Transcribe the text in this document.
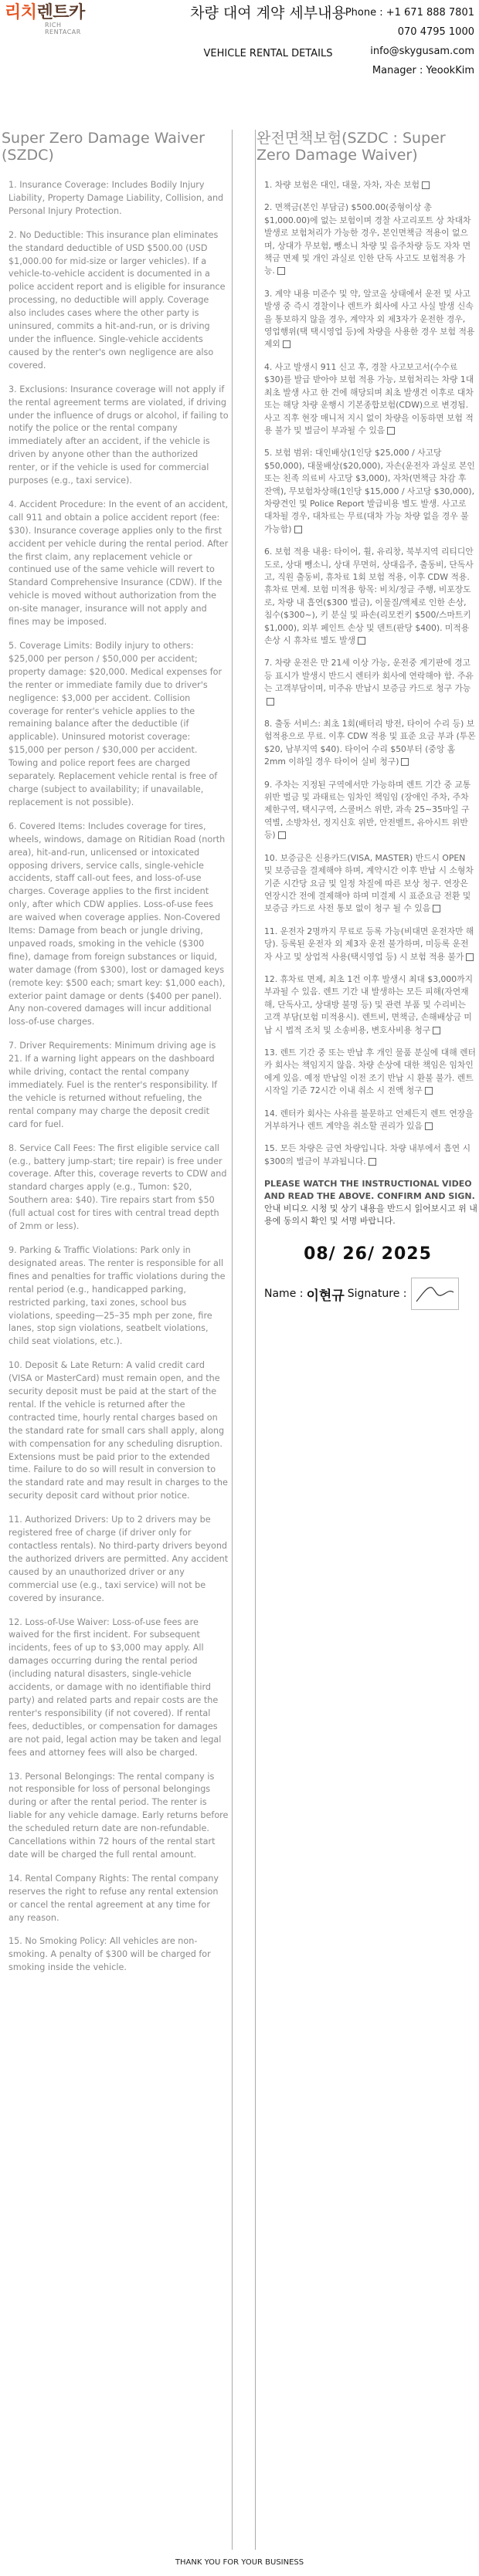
리치렌트카
RICH RENTACAR
차량 대여 계약 세부내용
VEHICLE RENTAL DETAILS
Phone : +1 671 888 7801
070 4795 1000
info@skygusam.com
Manager : YeookKim
Super Zero Damage Waiver (SZDC)
1. Insurance Coverage: Includes Bodily Injury Liability, Property Damage Liability, Collision, and Personal Injury Protection.
2. No Deductible: This insurance plan eliminates the standard deductible of USD $500.00 (USD $1,000.00 for mid-size or larger vehicles). If a vehicle-to-vehicle accident is documented in a police accident report and is eligible for insurance processing, no deductible will apply. Coverage also includes cases where the other party is uninsured, commits a hit-and-run, or is driving under the influence. Single-vehicle accidents caused by the renter's own negligence are also covered.
3. Exclusions: Insurance coverage will not apply if the rental agreement terms are violated, if driving under the influence of drugs or alcohol, if failing to notify the police or the rental company immediately after an accident, if the vehicle is driven by anyone other than the authorized renter, or if the vehicle is used for commercial purposes (e.g., taxi service).
4. Accident Procedure: In the event of an accident, call 911 and obtain a police accident report (fee: $30). Insurance coverage applies only to the first accident per vehicle during the rental period. After the first claim, any replacement vehicle or continued use of the same vehicle will revert to Standard Comprehensive Insurance (CDW). If the vehicle is moved without authorization from the on-site manager, insurance will not apply and fines may be imposed.
5. Coverage Limits: Bodily injury to others: $25,000 per person / $50,000 per accident; property damage: $20,000. Medical expenses for the renter or immediate family due to driver's negligence: $3,000 per accident. Collision coverage for renter's vehicle applies to the remaining balance after the deductible (if applicable). Uninsured motorist coverage: $15,000 per person / $30,000 per accident. Towing and police report fees are charged separately. Replacement vehicle rental is free of charge (subject to availability; if unavailable, replacement is not possible).
6. Covered Items: Includes coverage for tires, wheels, windows, damage on Ritidian Road (north area), hit-and-run, unlicensed or intoxicated opposing drivers, service calls, single-vehicle accidents, staff call-out fees, and loss-of-use charges. Coverage applies to the first incident only, after which CDW applies. Loss-of-use fees are waived when coverage applies. Non-Covered Items: Damage from beach or jungle driving, unpaved roads, smoking in the vehicle ($300 fine), damage from foreign substances or liquid, water damage (from $300), lost or damaged keys (remote key: $500 each; smart key: $1,000 each), exterior paint damage or dents ($400 per panel). Any non-covered damages will incur additional loss-of-use charges.
7. Driver Requirements: Minimum driving age is 21. If a warning light appears on the dashboard while driving, contact the rental company immediately. Fuel is the renter's responsibility. If the vehicle is returned without refueling, the rental company may charge the deposit credit card for fuel.
8. Service Call Fees: The first eligible service call (e.g., battery jump-start; tire repair) is free under coverage. After this, coverage reverts to CDW and standard charges apply (e.g., Tumon: $20, Southern area: $40). Tire repairs start from $50 (full actual cost for tires with central tread depth of 2mm or less).
9. Parking & Traffic Violations: Park only in designated areas. The renter is responsible for all fines and penalties for traffic violations during the rental period (e.g., handicapped parking, restricted parking, taxi zones, school bus violations, speeding—25–35 mph per zone, fire lanes, stop sign violations, seatbelt violations, child seat violations, etc.).
10. Deposit & Late Return: A valid credit card (VISA or MasterCard) must remain open, and the security deposit must be paid at the start of the rental. If the vehicle is returned after the contracted time, hourly rental charges based on the standard rate for small cars shall apply, along with compensation for any scheduling disruption. Extensions must be paid prior to the extended time. Failure to do so will result in conversion to the standard rate and may result in charges to the security deposit card without prior notice.
11. Authorized Drivers: Up to 2 drivers may be registered free of charge (if driver only for contactless rentals). No third-party drivers beyond the authorized drivers are permitted. Any accident caused by an unauthorized driver or any commercial use (e.g., taxi service) will not be covered by insurance.
12. Loss-of-Use Waiver: Loss-of-use fees are waived for the first incident. For subsequent incidents, fees of up to $3,000 may apply. All damages occurring during the rental period (including natural disasters, single-vehicle accidents, or damage with no identifiable third party) and related parts and repair costs are the renter's responsibility (if not covered). If rental fees, deductibles, or compensation for damages are not paid, legal action may be taken and legal fees and attorney fees will also be charged.
13. Personal Belongings: The rental company is not responsible for loss of personal belongings during or after the rental period. The renter is liable for any vehicle damage. Early returns before the scheduled return date are non-refundable. Cancellations within 72 hours of the rental start date will be charged the full rental amount.
14. Rental Company Rights: The rental company reserves the right to refuse any rental extension or cancel the rental agreement at any time for any reason.
15. No Smoking Policy: All vehicles are non-smoking. A penalty of $300 will be charged for smoking inside the vehicle.
완전면책보험(SZDC : Super Zero Damage Waiver)
1. 차량 보험은 대인, 대물, 자차, 자손 보험
2. 면책금(본인 부담금) $500.00(중형이상 총 $1,000.00)에 없는 보험이며 경찰 사고리포트 상 차대차 발생로 보험처리가 가능한 경우, 본인면책금 적용이 없으며, 상대가 무보험, 뺑소니 차량 및 음주차량 등도 자차 면책금 면제 및 개인 과실로 인한 단독 사고도 보험적용 가능.
3. 계약 내용 미준수 및 약, 알코올 상태에서 운전 및 사고 발생 중 즉시 경찰이나 렌트카 회사에 사고 사실 발생 신속을 통보하지 않을 경우, 계약자 외 제3자가 운전한 경우, 영업행위(택 택시영업 등)에 차량을 사용한 경우 보험 적용 제외
4. 사고 발생시 911 신고 후, 경찰 사고보고서(수수료 $30)를 발급 받아야 보험 적용 가능, 보험처리는 차량 1대 최초 발생 사고 한 건에 해당되며 최초 발생건 이후로 대차 또는 해당 차량 운행시 기본종합보험(CDW)으로 변경됨. 사고 직후 현장 매니저 지시 없이 차량을 이동하면 보험 적용 불가 및 벌금이 부과될 수 있음
5. 보험 범위: 대인배상(1인당 $25,000 / 사고당 $50,000), 대물배상($20,000), 자손(운전자 과실로 본인 또는 친족 의료비 사고당 $3,000), 자차(면책금 차감 후 잔액), 무보험차상해(1인당 $15,000 / 사고당 $30,000), 차량견인 및 Police Report 발급비용 별도 발생. 사고로 대차될 경우, 대차료는 무료(대차 가능 차량 없을 경우 불가능함)
6. 보험 적용 내용: 타이어, 휠, 유리창, 북부지역 리티디안도로, 상대 뺑소니, 상대 무면허, 상대음주, 출동비, 단독사고, 직원 출동비, 휴차료 1회 보험 적용, 이후 CDW 적용. 휴차료 면제. 보험 미적용 항목: 비치/정글 주행, 비포장도로, 차량 내 흡연($300 벌금), 이물질/액체로 인한 손상, 침수($300~), 키 분실 및 파손(리모컨키 $500/스마트키 $1,000), 외부 페인트 손상 및 덴트(판당 $400). 미적용 손상 시 휴차료 별도 발생
7. 차량 운전은 만 21세 이상 가능, 운전중 계기판에 경고등 표시가 발생시 반드시 렌터카 회사에 연락해야 함. 주유는 고객부담이며, 미주유 반납시 보증금 카드로 청구 가능
8. 출동 서비스: 최초 1회(배터리 방전, 타이어 수리 등) 보험적용으로 무료. 이후 CDW 적용 및 표준 요금 부과 (투몬 $20, 남부지역 $40). 타이어 수리 $50부터 (중앙 홈 2mm 이하일 경우 타이어 실비 청구)
9. 주차는 지정된 구역에서만 가능하며 렌트 기간 중 교통위반 벌금 및 과태료는 임차인 책임임 (장애인 주차, 주차 제한구역, 택시구역, 스쿨버스 위반, 과속 25~35마일 구역별, 소방차선, 정지신호 위반, 안전벨트, 유아시트 위반 등)
10. 보증금은 신용카드(VISA, MASTER) 반드시 OPEN 및 보증금을 결제해야 하며, 계약시간 이후 반납 시 소형차 기준 시간당 요금 및 일정 차질에 따른 보상 청구. 연장은 연장시간 전에 결제해야 하며 미결제 시 표준요금 전환 및 보증금 카드로 사전 통보 없이 청구 될 수 있음
11. 운전자 2명까지 무료로 등록 가능(비대면 운전자만 해당). 등록된 운전자 외 제3자 운전 불가하며, 미등록 운전자 사고 및 상업적 사용(택시영업 등) 시 보험 적용 불가
12. 휴차료 면제, 최초 1건 이후 발생시 최대 $3,000까지 부과될 수 있음. 렌트 기간 내 발생하는 모든 피해(자연재해, 단독사고, 상대방 불명 등) 및 관련 부품 및 수리비는 고객 부담(보험 미적용시). 렌트비, 면책금, 손해배상금 미납 시 법적 조치 및 소송비용, 변호사비용 청구
13. 렌트 기간 중 또는 반납 후 개인 물품 분실에 대해 렌터카 회사는 책임지지 않음. 차량 손상에 대한 책임은 임차인에게 있음. 예정 반납일 이전 조기 반납 시 환불 불가. 렌트 시작일 기준 72시간 이내 취소 시 전액 청구
14. 렌터카 회사는 사유를 불문하고 언제든지 렌트 연장을 거부하거나 렌트 계약을 취소할 권리가 있음
15. 모든 차량은 금연 차량입니다. 차량 내부에서 흡연 시 $300의 벌금이 부과됩니다.
PLEASE WATCH THE INSTRUCTIONAL VIDEO AND READ THE ABOVE. CONFIRM AND SIGN.
안내 비디오 시청 및 상기 내용을 반드시 읽어보시고 위 내용에 동의시 확인 및 서명 바랍니다.
08/ 26/ 2025
Name : 이현규 Signature :
THANK YOU FOR YOUR BUSINESS
